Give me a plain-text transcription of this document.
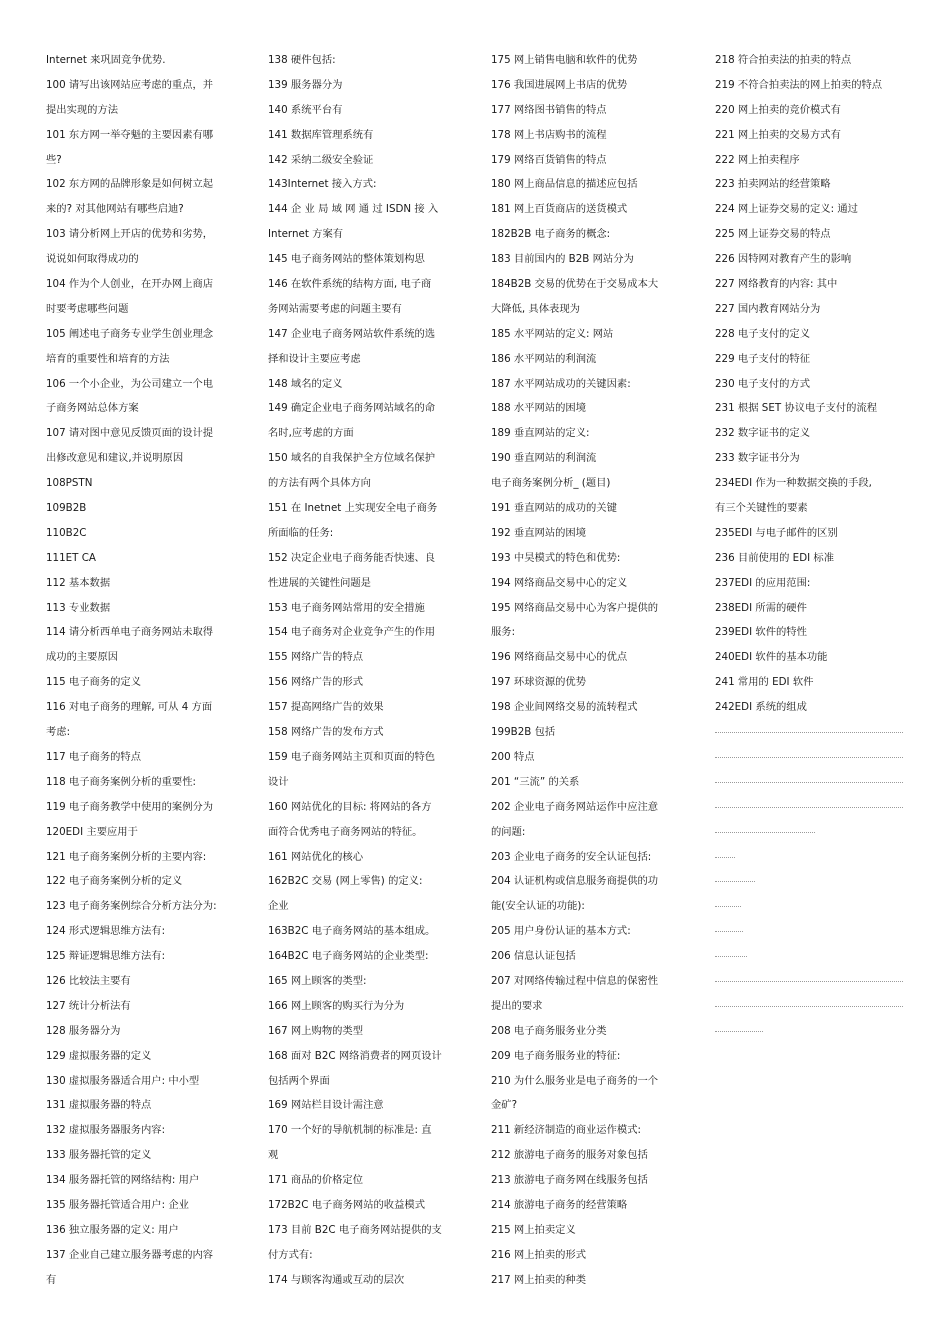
Internet 来巩固竞争优势.
100 请写出该网站应考虑的重点，并
提出实现的方法
101 东方网一举夺魁的主要因素有哪
些?
102 东方网的品牌形象是如何树立起
来的? 对其他网站有哪些启迪?
103 请分析网上开店的优势和劣势，
说说如何取得成功的
104 作为个人创业，在开办网上商店
时要考虑哪些问题
105 阐述电子商务专业学生创业理念
培育的重要性和培育的方法
106 一个小企业，为公司建立一个电
子商务网站总体方案
107 请对图中意见反馈页面的设计提
出修改意见和建议,并说明原因
108PSTN
109B2B
110B2C
111ET CA
112 基本数据
113 专业数据
114 请分析西单电子商务网站未取得
成功的主要原因
115 电子商务的定义
116 对电子商务的理解, 可从 4 方面
考虑:
117 电子商务的特点
118 电子商务案例分析的重要性:
119 电子商务教学中使用的案例分为
120EDI 主要应用于
121 电子商务案例分析的主要内容:
122 电子商务案例分析的定义
123 电子商务案例综合分析方法分为:
124 形式逻辑思维方法有:
125 辩证逻辑思维方法有:
126 比较法主要有
127 统计分析法有
128 服务器分为
129 虚拟服务器的定义
130 虚拟服务器适合用户: 中小型
131 虚拟服务器的特点
132 虚拟服务器服务内容:
133 服务器托管的定义
134 服务器托管的网络结构: 用户
135 服务器托管适合用户: 企业
136 独立服务器的定义: 用户
137 企业自己建立服务器考虑的内容
有
138 硬件包括:
139 服务器分为
140 系统平台有
141 数据库管理系统有
142 采纳二级安全验证
143Internet 接入方式:
144 企 业 局 域 网 通 过 ISDN 接 入
Internet 方案有
145 电子商务网站的整体策划构思
146 在软件系统的结构方面, 电子商
务网站需要考虑的问题主要有
147 企业电子商务网站软件系统的选
择和设计主要应考虑
148 域名的定义
149 确定企业电子商务网站域名的命
名时,应考虑的方面
150 域名的自我保护全方位域名保护
的方法有两个具体方向
151 在 Inetnet 上实现安全电子商务
所面临的任务:
152 决定企业电子商务能否快速、良
性进展的关键性问题是
153 电子商务网站常用的安全措施
154 电子商务对企业竞争产生的作用
155 网络广告的特点
156 网络广告的形式
157 提高网络广告的效果
158 网络广告的发布方式
159 电子商务网站主页和页面的特色
设计
160 网站优化的目标: 将网站的各方
面符合优秀电子商务网站的特征。
161 网站优化的核心
162B2C 交易 (网上零售) 的定义:
企业
163B2C 电子商务网站的基本组成。
164B2C 电子商务网站的企业类型:
165 网上顾客的类型:
166 网上顾客的购买行为分为
167 网上购物的类型
168 面对 B2C 网络消费者的网页设计
包括两个界面
169 网站栏目设计需注意
170 一个好的导航机制的标准是: 直
观
171 商品的价格定位
172B2C 电子商务网站的收益模式
173 目前 B2C 电子商务网站提供的支
付方式有:
174 与顾客沟通或互动的层次
175 网上销售电脑和软件的优势
176 我国进展网上书店的优势
177 网络图书销售的特点
178 网上书店购书的流程
179 网络百货销售的特点
180 网上商品信息的描述应包括
181 网上百货商店的送货模式
182B2B 电子商务的概念:
183 目前国内的 B2B 网站分为
184B2B 交易的优势在于交易成本大
大降低, 具体表现为
185 水平网站的定义: 网站
186 水平网站的利润流
187 水平网站成功的关键因素:
188 水平网站的困境
189 垂直网站的定义:
190 垂直网站的利润流
电子商务案例分析_ (题目)
191 垂直网站的成功的关键
192 垂直网站的困境
193 中昊模式的特色和优势:
194 网络商品交易中心的定义
195 网络商品交易中心为客户提供的
服务:
196 网络商品交易中心的优点
197 环球资源的优势
198 企业间网络交易的流转程式
199B2B 包括
200 特点
201 “三流” 的关系
202 企业电子商务网站运作中应注意
的问题:
203 企业电子商务的安全认证包括:
204 认证机构或信息服务商提供的功
能(安全认证的功能):
205 用户身份认证的基本方式:
206 信息认证包括
207 对网络传输过程中信息的保密性
提出的要求
208 电子商务服务业分类
209 电子商务服务业的特征:
210 为什么服务业是电子商务的一个
金矿?
211 新经济制造的商业运作模式:
212 旅游电子商务的服务对象包括
213 旅游电子商务网在线服务包括
214 旅游电子商务的经营策略
215 网上拍卖定义
216 网上拍卖的形式
217 网上拍卖的种类
218 符合拍卖法的拍卖的特点
219 不符合拍卖法的网上拍卖的特点
220 网上拍卖的竞价模式有
221 网上拍卖的交易方式有
222 网上拍卖程序
223 拍卖网站的经营策略
224 网上证券交易的定义: 通过
225 网上证券交易的特点
226 因特网对教育产生的影响
227 网络教育的内容: 其中
227 国内教育网站分为
228 电子支付的定义
229 电子支付的特征
230 电子支付的方式
231 根据 SET 协议电子支付的流程
232 数字证书的定义
233 数字证书分为
234EDI 作为一种数据交换的手段,
有三个关键性的要素
235EDI 与电子邮件的区别
236 目前使用的 EDI 标准
237EDI 的应用范围:
238EDI 所需的硬件
239EDI 软件的特性
240EDI 软件的基本功能
241 常用的 EDI 软件
242EDI 系统的组成
